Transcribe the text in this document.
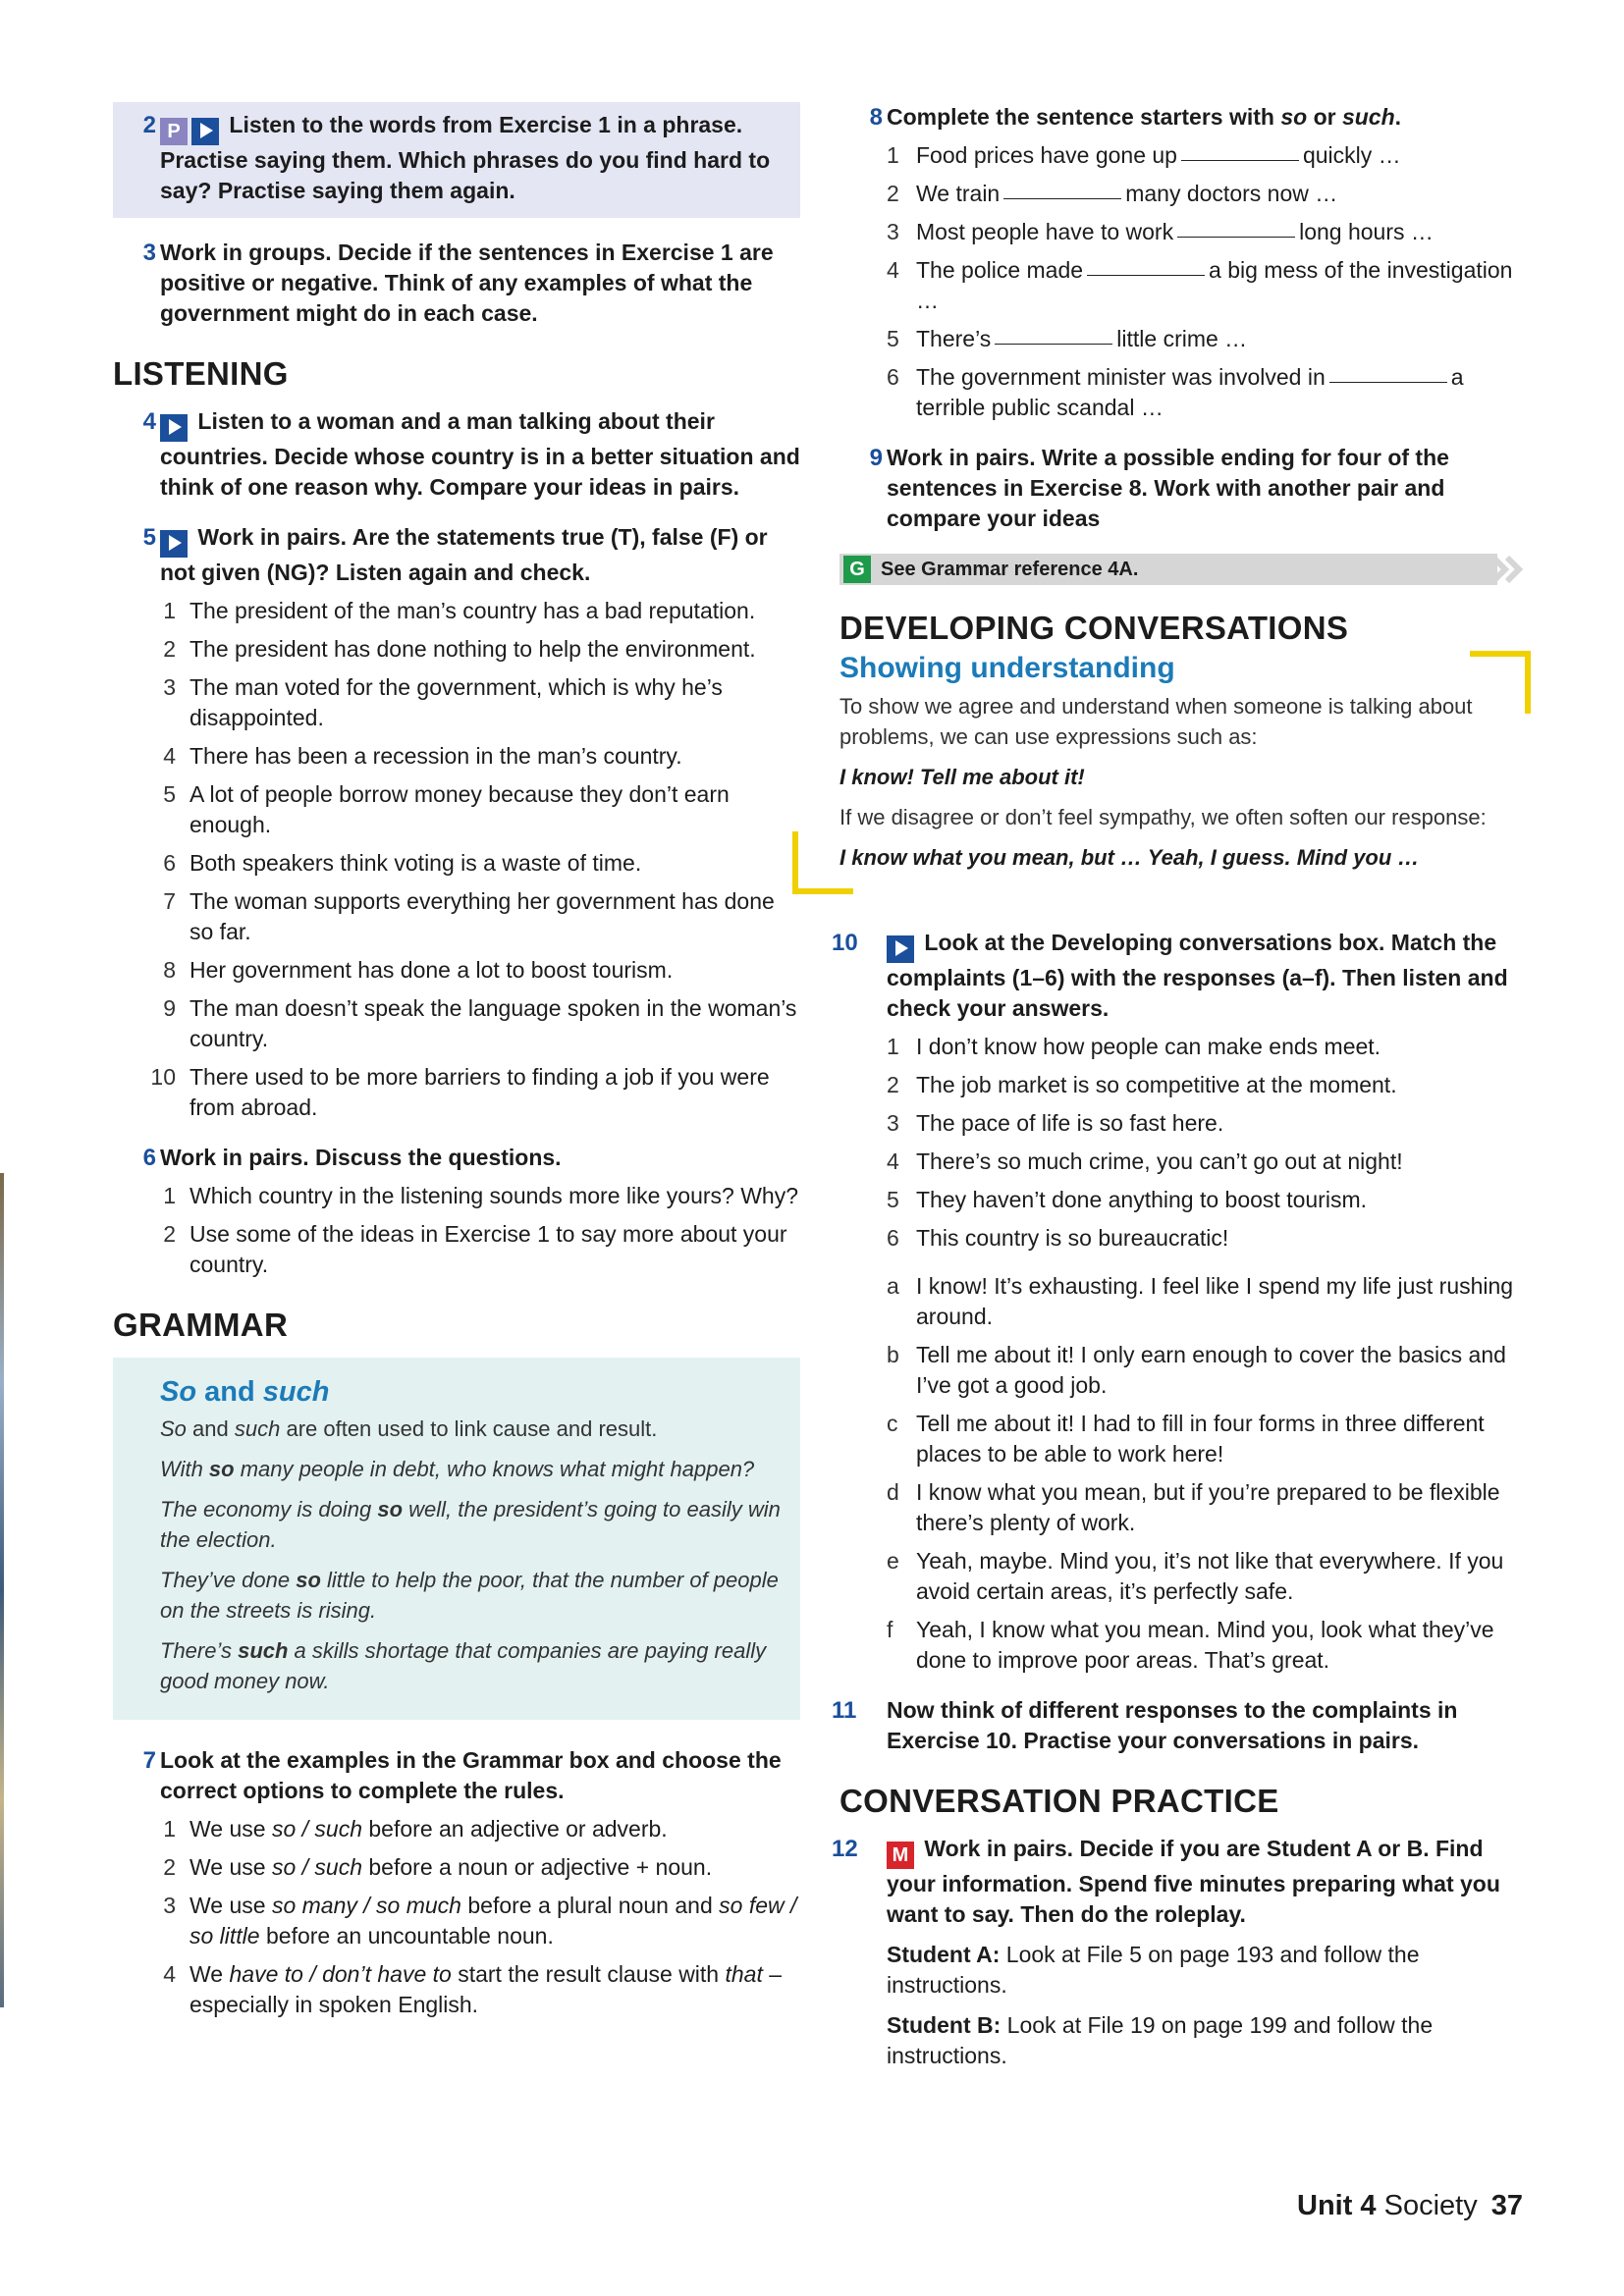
2 P Listen to the words from Exercise 1 in a phrase. Practise saying them. Which phrases do you find hard to say? Practise saying them again.
3 Work in groups. Decide if the sentences in Exercise 1 are positive or negative. Think of any examples of what the government might do in each case.
LISTENING
4	Listen to a woman and a man talking about their countries. Decide whose country is in a better situation and think of one reason why. Compare your ideas in pairs.
5	Work in pairs. Are the statements true (T), false (F) or not given (NG)? Listen again and check.
1 The president of the man’s country has a bad reputation.
2 The president has done nothing to help the environment.
3 The man voted for the government, which is why he’s disappointed.
4 There has been a recession in the man’s country.
5 A lot of people borrow money because they don’t earn enough.
6 Both speakers think voting is a waste of time.
7 The woman supports everything her government has done so far.
8 Her government has done a lot to boost tourism.
9 The man doesn’t speak the language spoken in the woman’s country.
10 There used to be more barriers to finding a job if you were from abroad.
6 Work in pairs. Discuss the questions.
1 Which country in the listening sounds more like yours? Why?
2 Use some of the ideas in Exercise 1 to say more about your country.
GRAMMAR
So and such

So and such are often used to link cause and result.

With so many people in debt, who knows what might happen?

The economy is doing so well, the president’s going to easily win the election.

They’ve done so little to help the poor, that the number of people on the streets is rising.

There’s such a skills shortage that companies are paying really good money now.

7 Look at the examples in the Grammar box and choose the correct options to complete the rules.
1 We use so / such before an adjective or adverb.
2 We use so / such before a noun or adjective + noun.
3 We use so many / so much before a plural noun and so few / so little before an uncountable noun.
4 We have to / don’t have to start the result clause with that – especially in spoken English.
8 Complete the sentence starters with so or such.
1 Food prices have gone up	quickly …
2 We train	many doctors now …
3 Most people have to work	long hours …
4 The police made	a big mess of the investigation …
5 There’s	little crime …
6 The government minister was involved in	a terrible public scandal …
9 Work in pairs. Write a possible ending for four of the sentences in Exercise 8. Work with another pair and compare your ideas
G See Grammar reference 4A.
DEVELOPING CONVERSATIONS
Showing understanding

To show we agree and understand when someone is talking about problems, we can use expressions such as:

I know! Tell me about it!

If we disagree or don’t feel sympathy, we often soften our response:

I know what you mean, but … Yeah, I guess. Mind you …

10	Look at the Developing conversations box. Match the complaints (1–6) with the responses (a–f). Then listen and check your answers.
1 I don’t know how people can make ends meet.
2 The job market is so competitive at the moment.
3 The pace of life is so fast here.
4 There’s so much crime, you can’t go out at night!
5 They haven’t done anything to boost tourism.
6 This country is so bureaucratic!
a I know! It’s exhausting. I feel like I spend my life just rushing around.
b Tell me about it! I only earn enough to cover the basics and I’ve got a good job.
c Tell me about it! I had to fill in four forms in three different places to be able to work here!
d I know what you mean, but if you’re prepared to be flexible there’s plenty of work.
e Yeah, maybe. Mind you, it’s not like that everywhere. If you avoid certain areas, it’s perfectly safe.
f	Yeah, I know what you mean. Mind you, look what they’ve done to improve poor areas. That’s great.
11	Now think of different responses to the complaints in Exercise 10. Practise your conversations in pairs.
CONVERSATION PRACTICE
12	M Work in pairs. Decide if you are Student A or B. Find your information. Spend five minutes preparing what you want to say. Then do the roleplay.

Student A: Look at File 5 on page 193 and follow the instructions.

Student B: Look at File 19 on page 199 and follow the instructions.

Unit 4 Society 37
